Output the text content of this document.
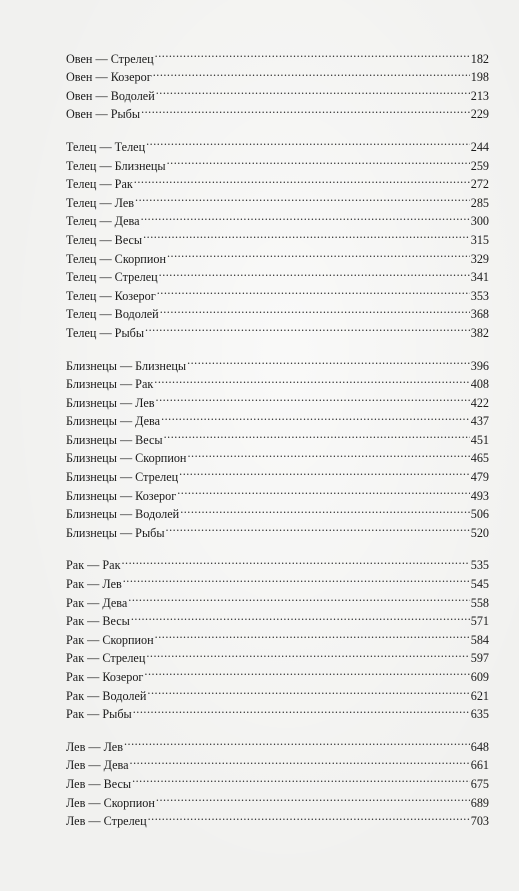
Овен — Стрелец .....	182
Овен — Козерог .....	198
Овен — Водолей .....	213
Овен — Рыбы .....	229
Телец — Телец .....	244
Телец — Близнецы .....	259
Телец — Рак .....	272
Телец — Лев .....	285
Телец — Дева .....	300
Телец — Весы .....	315
Телец — Скорпион .....	329
Телец — Стрелец .....	341
Телец — Козерог .....	353
Телец — Водолей .....	368
Телец — Рыбы .....	382
Близнецы — Близнецы .....	396
Близнецы — Рак .....	408
Близнецы — Лев .....	422
Близнецы — Дева .....	437
Близнецы — Весы .....	451
Близнецы — Скорпион .....	465
Близнецы — Стрелец .....	479
Близнецы — Козерог .....	493
Близнецы — Водолей .....	506
Близнецы — Рыбы .....	520
Рак — Рак .....	535
Рак — Лев .....	545
Рак — Дева .....	558
Рак — Весы .....	571
Рак — Скорпион .....	584
Рак — Стрелец .....	597
Рак — Козерог .....	609
Рак — Водолей .....	621
Рак — Рыбы .....	635
Лев — Лев .....	648
Лев — Дева .....	661
Лев — Весы .....	675
Лев — Скорпион .....	689
Лев — Стрелец .....	703
